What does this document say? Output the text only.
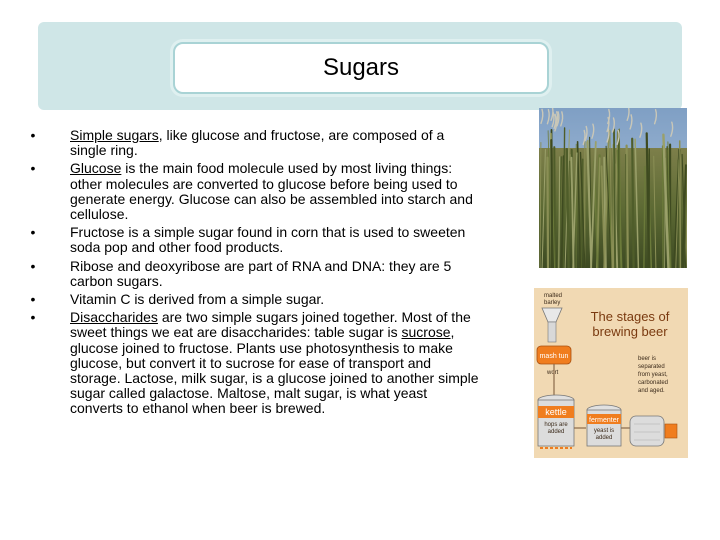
Sugars
• Simple sugars, like glucose and fructose, are composed of a single ring.
• Glucose is the main food molecule used by most living things: other molecules are converted to glucose before being used to generate energy. Glucose can also be assembled into starch and cellulose.
• Fructose is a simple sugar found in corn that is used to sweeten soda pop and other food products.
• Ribose and deoxyribose are part of RNA and DNA: they are 5 carbon sugars.
• Vitamin C is derived from a simple sugar.
• Disaccharides are two simple sugars joined together. Most of the sweet things we eat are disaccharides: table sugar is sucrose, glucose joined to fructose. Plants use photosynthesis to make glucose, but convert it to sucrose for ease of transport and storage. Lactose, milk sugar, is a glucose joined to another simple sugar called galactose. Maltose, malt sugar, is what yeast converts to ethanol when beer is brewed.
The stages of
brewing beer
malted
barley
mash tun
wort
kettle
hops are
added
fermenter
yeast is
added
beer is
separated
from yeast,
carbonated
and aged.
